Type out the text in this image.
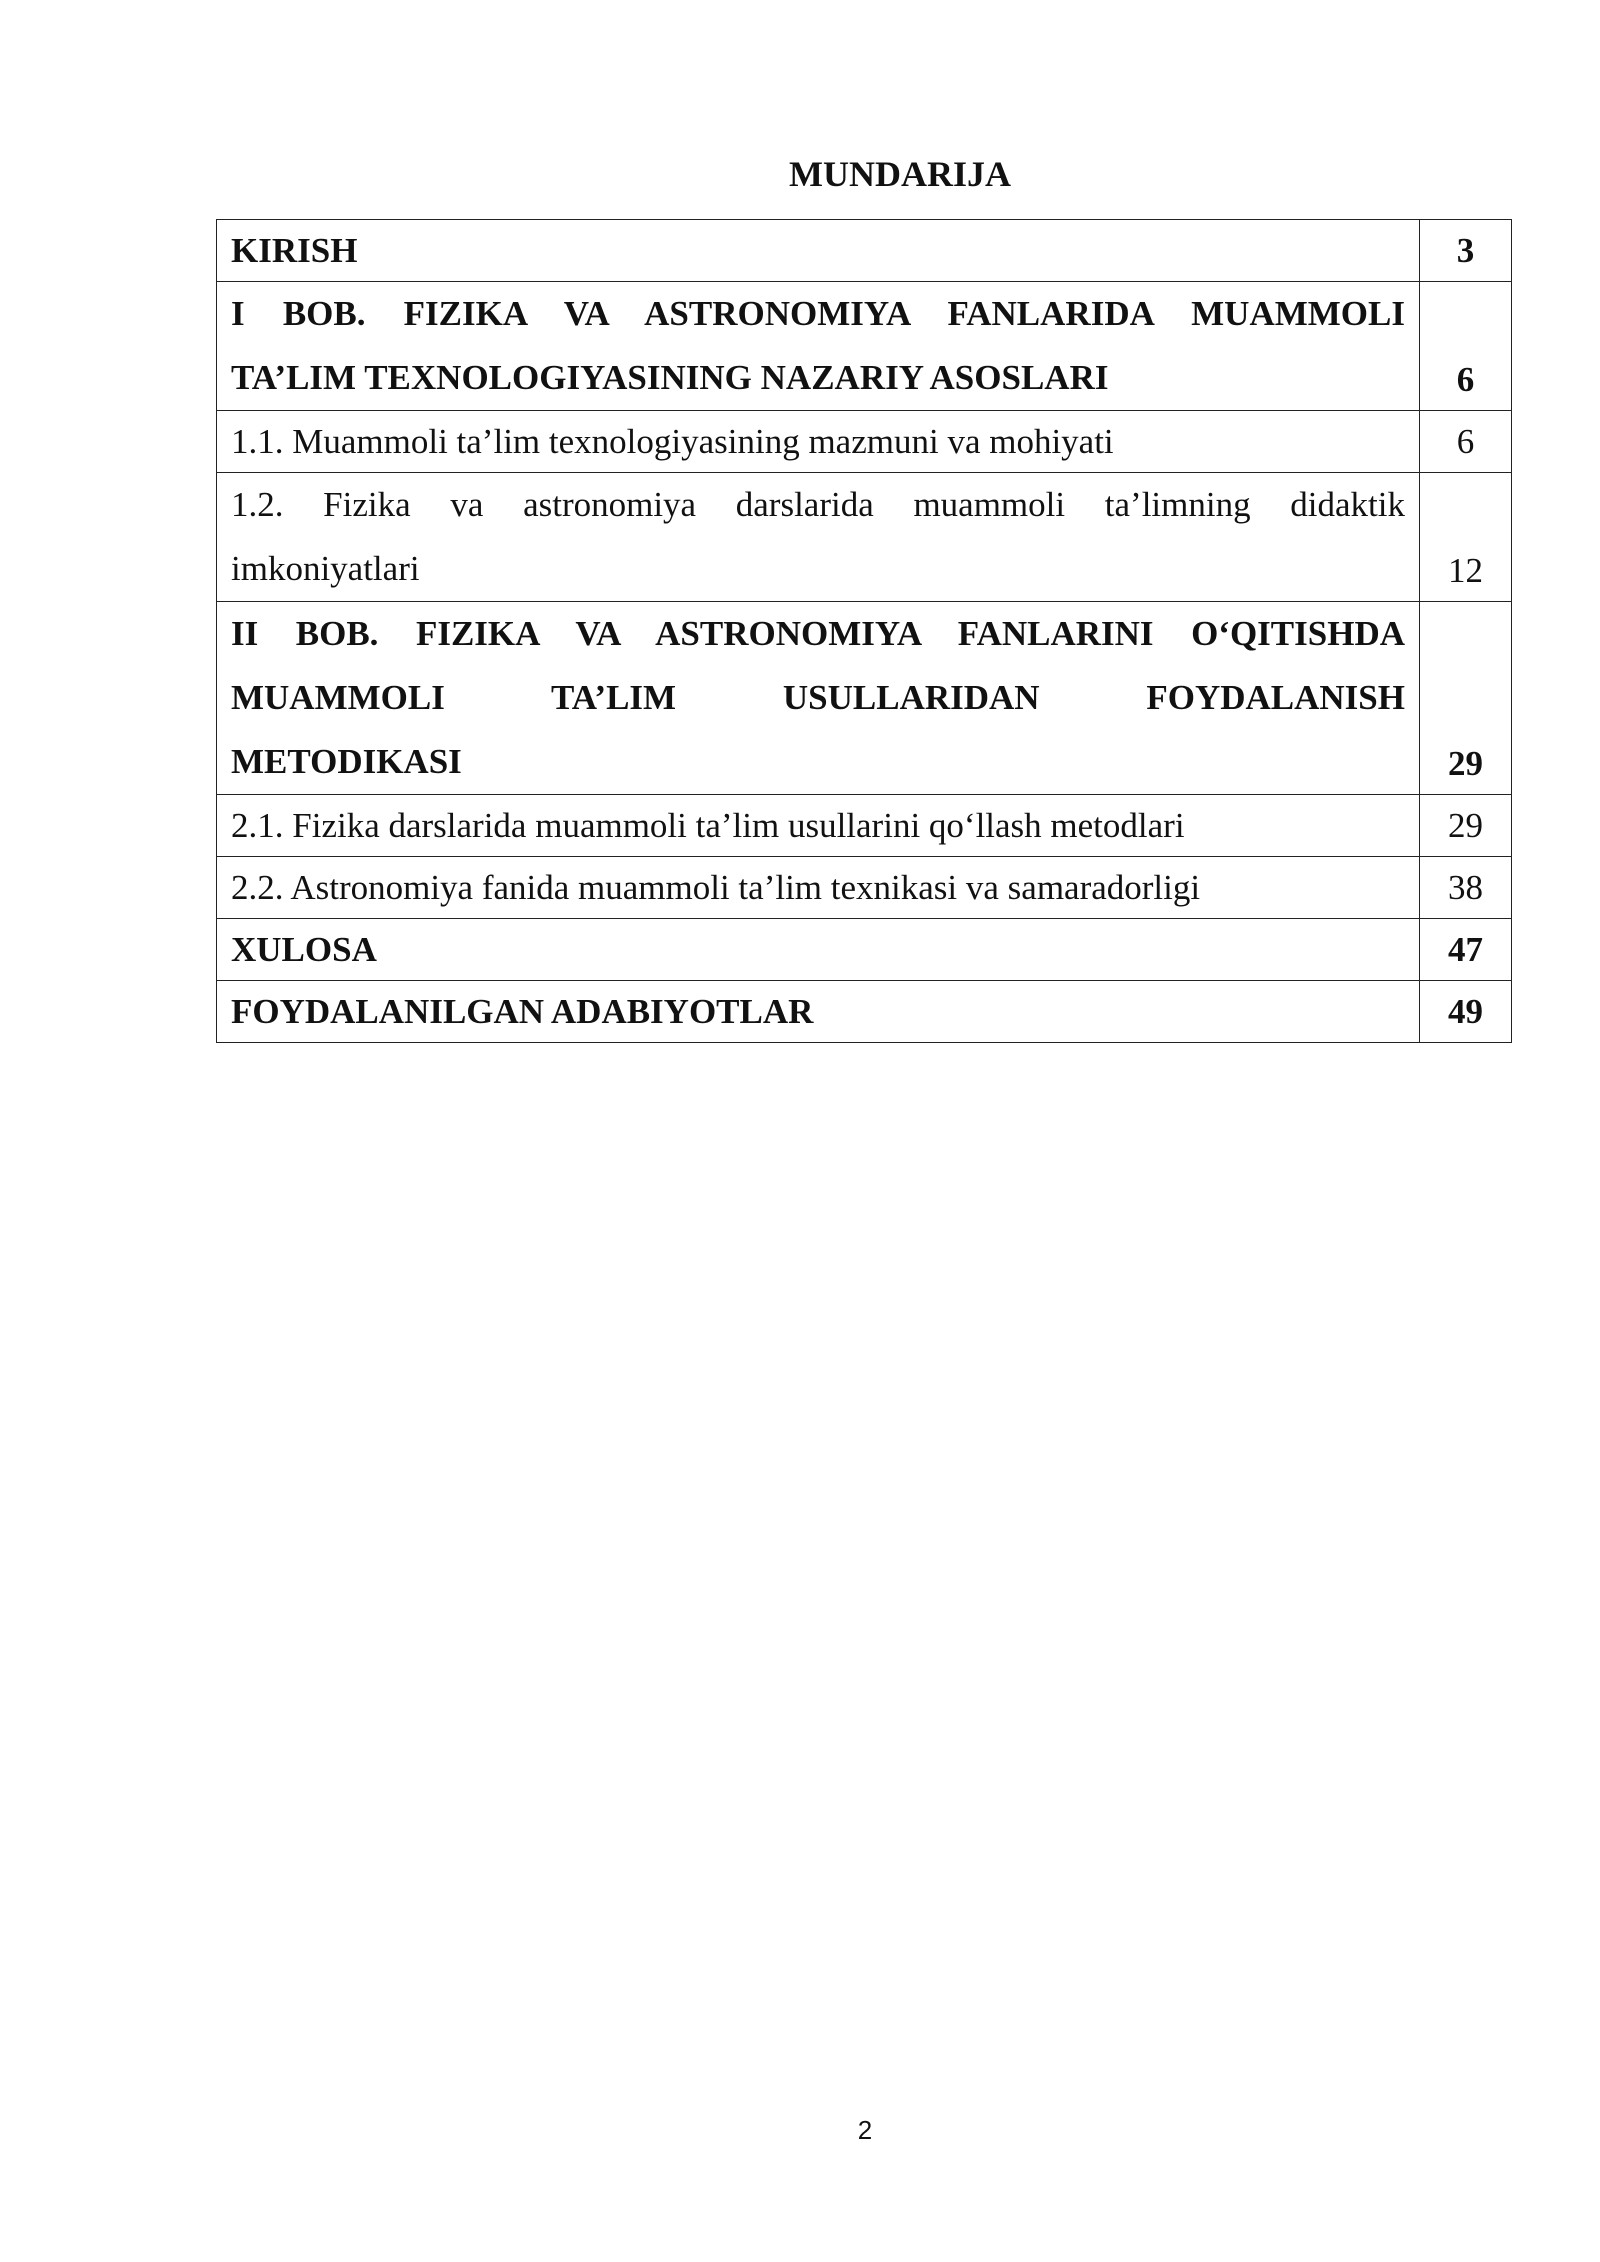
MUNDARIJA
KIRISH	3

I BOB. FIZIKA VA ASTRONOMIYA FANLARIDA MUAMMOLI
TA’LIM TEXNOLOGIYASINING NAZARIY ASOSLARI	6

1.1. Muammoli ta’lim texnologiyasining mazmuni va mohiyati	6

1.2. Fizika va astronomiya darslarida muammoli ta’limning didaktik
imkoniyatlari	12

II BOB. FIZIKA VA ASTRONOMIYA FANLARINI O‘QITISHDA
MUAMMOLI TA’LIM USULLARIDAN FOYDALANISH
METODIKASI	29

2.1. Fizika darslarida muammoli ta’lim usullarini qo‘llash metodlari	29

2.2. Astronomiya fanida muammoli ta’lim texnikasi va samaradorligi	38

XULOSA	47

FOYDALANILGAN ADABIYOTLAR	49
2
